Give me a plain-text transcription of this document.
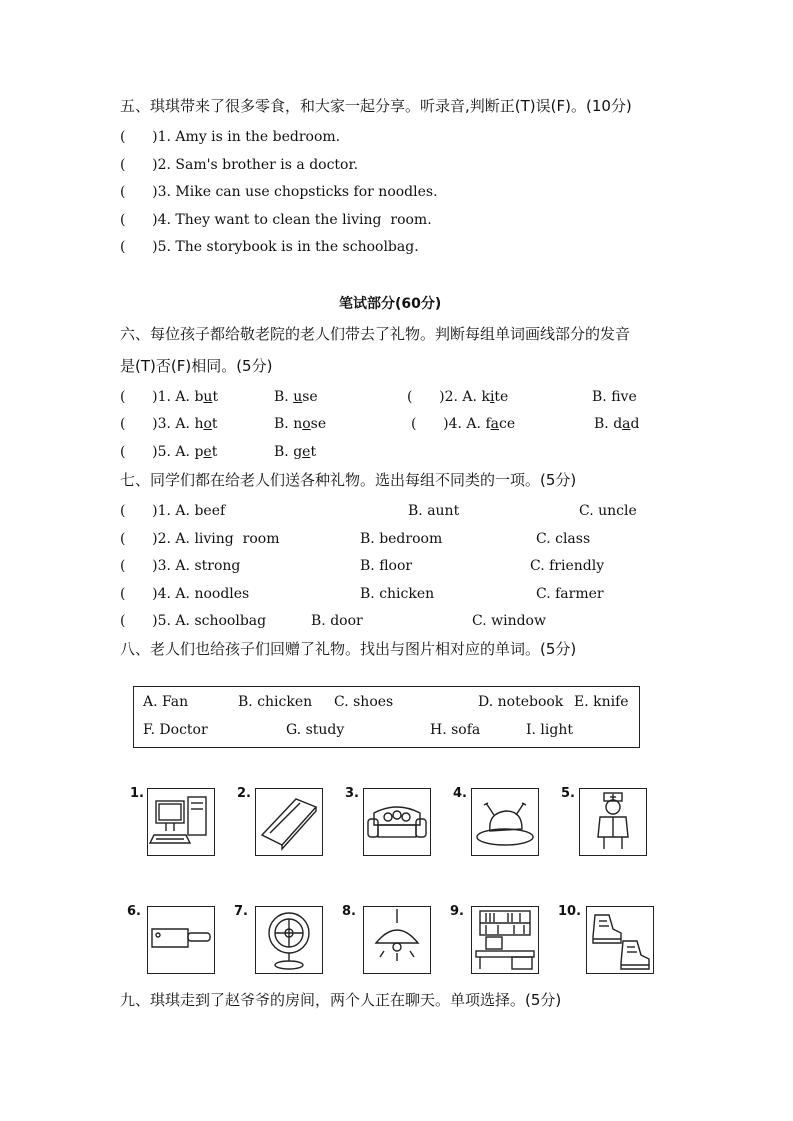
五、琪琪带来了很多零食，和大家一起分享。听录音,判断正(T)误(F)。(10分)
(      )1. Amy is in the bedroom.
(      )2. Sam's brother is a doctor.
(      )3. Mike can use chopsticks for noodles.
(      )4. They want to clean the living  room.
(      )5. The storybook is in the schoolbag.
笔试部分(60分)
六、每位孩子都给敬老院的老人们带去了礼物。判断每组单词画线部分的发音
是(T)否(F)相同。(5分)
(      )1. A. but	B. use	(      )2. A. kite	B. fve
(      )3. A. hot	B. nose	(      )4. A. face	B. dad
(      )5. A. pet	B. get
七、同学们都在给老人们送各种礼物。选出每组不同类的一项。(5分)
(      )1. A. beef	B. aunt	C. uncle
(      )2. A. living  room	B. bedroom	C. class
(      )3. A. strong	B. floor	C. friendly
(      )4. A. noodles	B. chicken	C. farmer
(      )5. A. schoolbag	B. door	C. window
八、老人们也给孩子们回赠了礼物。找出与图片相对应的单词。(5分)
A. Fan	B. chicken C. shoes	D. notebook E. knife
F. Doctor	G. study	H. sofa	I. light
1.	2.	3.	4.	5.
6.	7.	8.	9.	10.
九、琪琪走到了赵爷爷的房间，两个人正在聊天。单项选择。(5分)
